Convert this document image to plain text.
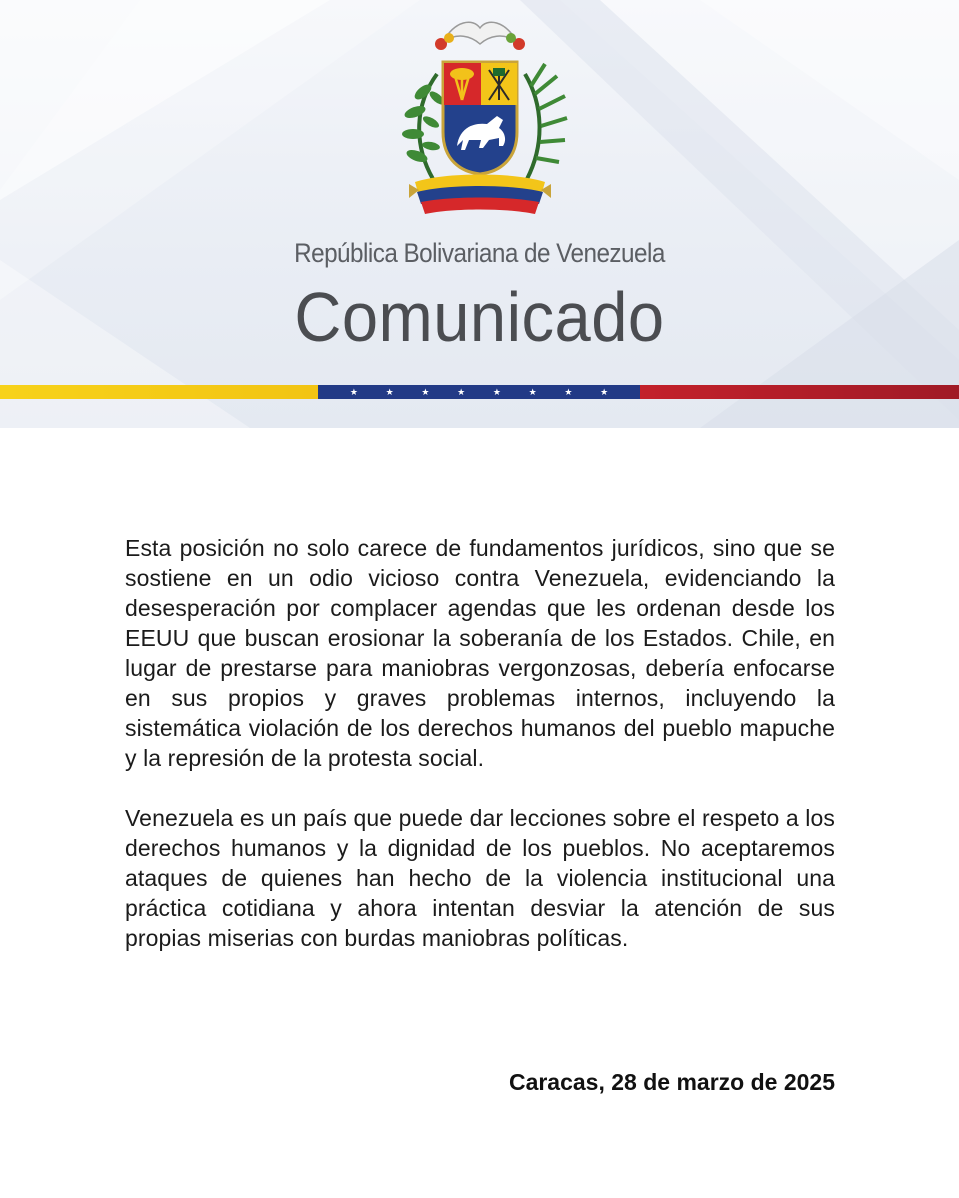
República Bolivariana de Venezuela
Comunicado
★	★	★	★	★	★	★	★

Esta posición no solo carece de fundamentos jurídicos, sino que se sostiene en un odio vicioso contra Venezuela, evidenciando la desesperación por complacer agendas que les ordenan desde los EEUU que buscan erosionar la soberanía de los Estados. Chile, en lugar de prestarse para maniobras vergonzosas, debería enfocarse en sus propios y graves problemas internos, incluyendo la sistemática violación de los derechos humanos del pueblo mapuche y la represión de la protesta social.

Venezuela es un país que puede dar lecciones sobre el respeto a los derechos humanos y la dignidad de los pueblos. No aceptaremos ataques de quienes han hecho de la violencia institucional una práctica cotidiana y ahora intentan desviar la atención de sus propias miserias con burdas maniobras políticas.

Caracas, 28 de marzo de 2025
